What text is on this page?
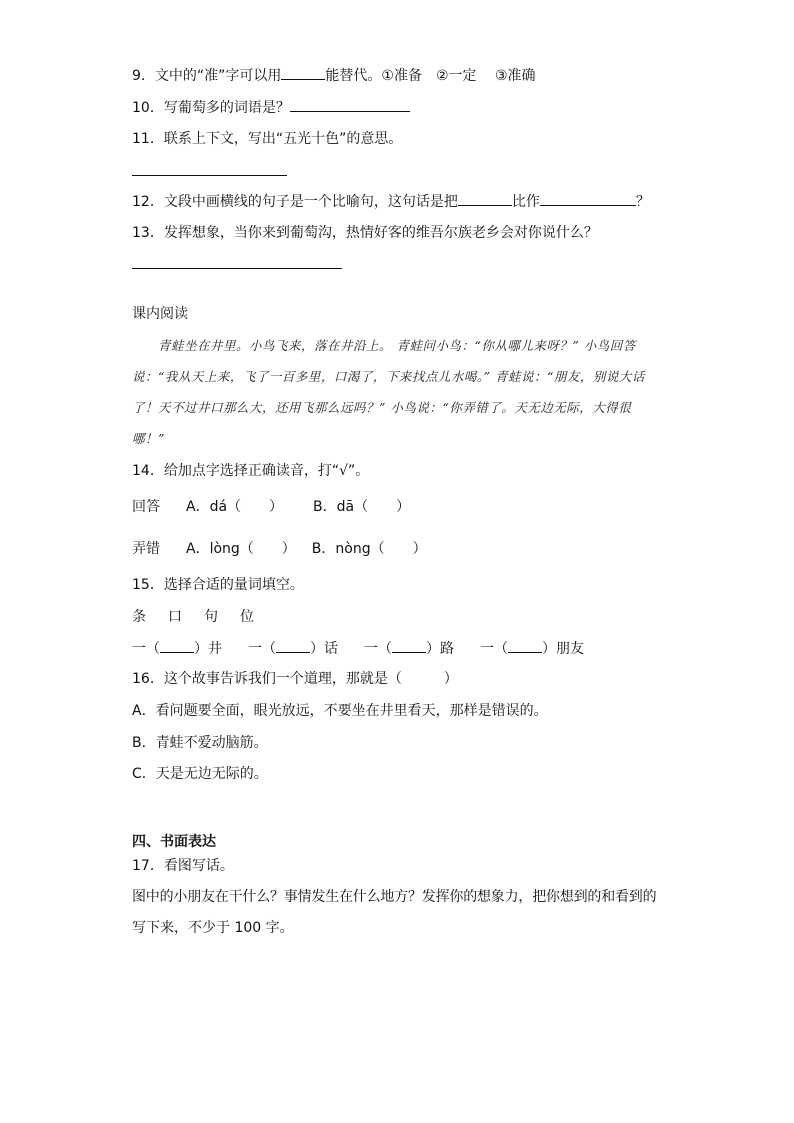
9．文中的“准”字可以用	能替代。①准备　②一定　 ③准确
10．写葡萄多的词语是？
11．联系上下文，写出“五光十色”的意思。
12．文段中画横线的句子是一个比喻句，这句话是把	比作	？
13．发挥想象，当你来到葡萄沟，热情好客的维吾尔族老乡会对你说什么？
课内阅读

青蛙坐在井里。小鸟飞来，落在井沿上。 青蛙问小鸟：“你从哪儿来呀？” 小鸟回答说：“我从天上来，飞了一百多里，口渴了，下来找点儿水喝。” 青蛙说：“朋友，别说大话了！天不过井口那么大，还用飞那么远吗？” 小鸟说：“你弄错了。天无边无际，大得很哪！”

14．给加点字选择正确读音，打“√”。
回答 A．dá（　　） B．dā（　　）
弄错 A．lòng（　　） B．nòng（　　）
15．选择合适的量词填空。
条　口　句　位
一（ ）井 一（ ）话 一（ ）路 一（ ）朋友
16．这个故事告诉我们一个道理，那就是（　　　）
A．看问题要全面，眼光放远，不要坐在井里看天，那样是错误的。
B．青蛙不爱动脑筋。
C．天是无边无际的。
四、书面表达
17．看图写话。
图中的小朋友在干什么？事情发生在什么地方？发挥你的想象力，把你想到的和看到的
写下来，不少于 100 字。
